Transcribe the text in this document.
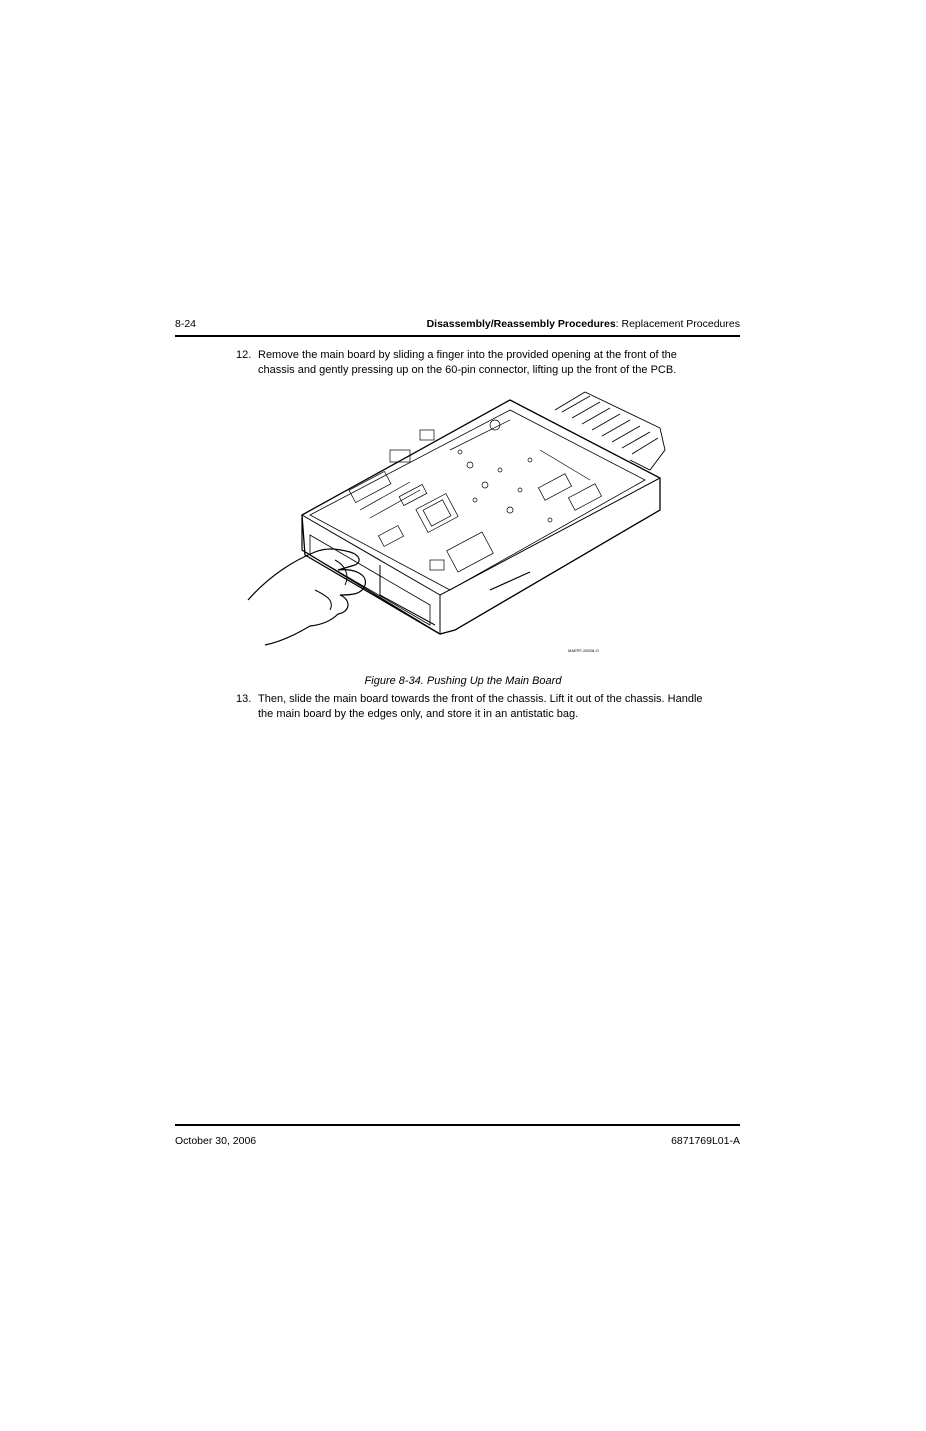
8-24	Disassembly/Reassembly Procedures: Replacement Procedures
12. Remove the main board by sliding a finger into the provided opening at the front of the
chassis and gently pressing up on the 60-pin connector, lifting up the front of the PCB.
MAEPF-28328-O
Figure 8-34. Pushing Up the Main Board
13. Then, slide the main board towards the front of the chassis. Lift it out of the chassis. Handle
the main board by the edges only, and store it in an antistatic bag.
October 30, 2006	6871769L01-A
